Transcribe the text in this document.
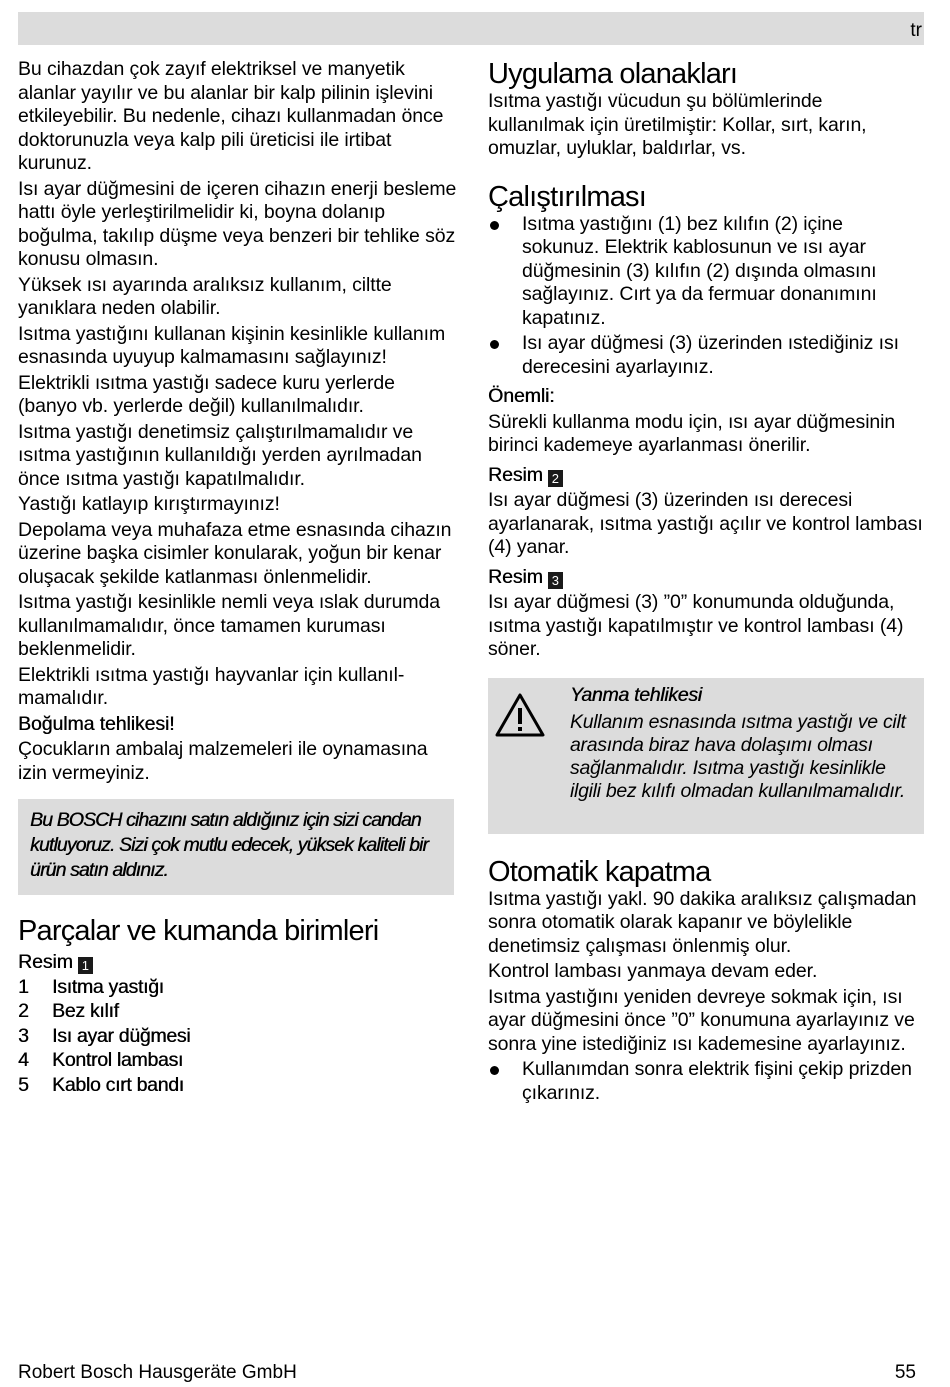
tr

Bu cihazdan çok zayıf elektriksel ve manyetik alanlar yayılır ve bu alanlar bir kalp pilinin işlevini etkileyebilir. Bu nedenle, cihazı kullanmadan önce doktorunuzla veya kalp pili üreticisi ile irtibat kurunuz.

Isı ayar düğmesini de içeren cihazın enerji besleme hattı öyle yerleştirilmelidir ki, boyna dolanıp boğulma, takılıp düşme veya benzeri bir tehlike söz konusu olmasın.

Yüksek ısı ayarında aralıksız kullanım, ciltte yanıklara neden olabilir.

Isıtma yastığını kullanan kişinin kesinlikle kullanım esnasında uyuyup kalmamasını sağlayınız!

Elektrikli ısıtma yastığı sadece kuru yerlerde (banyo vb. yerlerde değil) kullanılmalıdır.

Isıtma yastığı denetimsiz çalıştırılmamalıdır ve ısıtma yastığının kullanıldığı yerden ayrılmadan önce ısıtma yastığı kapatılmalıdır.

Yastığı katlayıp kırıştırmayınız!

Depolama veya muhafaza etme esnasında cihazın üzerine başka cisimler konularak, yoğun bir kenar oluşacak şekilde katlanması önlenmelidir.

Isıtma yastığı kesinlikle nemli veya ıslak durumda kullanılmamalıdır, önce tamamen kuruması beklenmelidir.

Elektrikli ısıtma yastığı hayvanlar için kullanılmamalıdır.

Boğulma tehlikesi!

Çocukların ambalaj malzemeleri ile oynamasına izin vermeyiniz.

Bu BOSCH cihazını satın aldığınız için sizi candan kutluyoruz. Sizi çok mutlu edecek, yüksek kaliteli bir ürün satın aldınız.

Parçalar ve kumanda birimleri

Resim 1

1 Isıtma yastığı
2 Bez kılıf
3 Isı ayar düğmesi
4 Kontrol lambası
5 Kablo cırt bandı
Uygulama olanakları

Isıtma yastığı vücudun şu bölümlerinde kullanılmak için üretilmiştir: Kollar, sırt, karın, omuzlar, uyluklar, baldırlar, vs.

Çalıştırılması
Isıtma yastığını (1) bez kılıfın (2) içine sokunuz. Elektrik kablosunun ve ısı ayar düğmesinin (3) kılıfın (2) dışında olmasını sağlayınız. Cırt ya da fermuar donanımını kapatınız.
Isı ayar düğmesi (3) üzerinden ıstediğiniz ısı derecesini ayarlayınız.

Önemli:

Sürekli kullanma modu için, ısı ayar düğmesinin birinci kademeye ayarlanması önerilir.

Resim 2

Isı ayar düğmesi (3) üzerinden ısı derecesi ayarlanarak, ısıtma yastığı açılır ve kontrol lambası (4) yanar.

Resim 3

Isı ayar düğmesi (3) ”0” konumunda olduğunda, ısıtma yastığı kapatılmıştır ve kontrol lambası (4) söner.

Yanma tehlikesi

Kullanım esnasında ısıtma yastığı ve cilt arasında biraz hava dolaşımı olması sağlanmalıdır. Isıtma yastığı kesinlikle ilgili bez kılıfı olmadan kullanılmamalıdır.

Otomatik kapatma

Isıtma yastığı yakl. 90 dakika aralıksız çalışmadan sonra otomatik olarak kapanır ve böylelikle denetimsiz çalışması önlenmiş olur.

Kontrol lambası yanmaya devam eder.

Isıtma yastığını yeniden devreye sokmak için, ısı ayar düğmesini önce ”0” konumuna ayarlayınız ve sonra yine istediğiniz ısı kademesine ayarlayınız.

Kullanımdan sonra elektrik fişini çekip prizden çıkarınız.
Robert Bosch Hausgeräte GmbH	55
